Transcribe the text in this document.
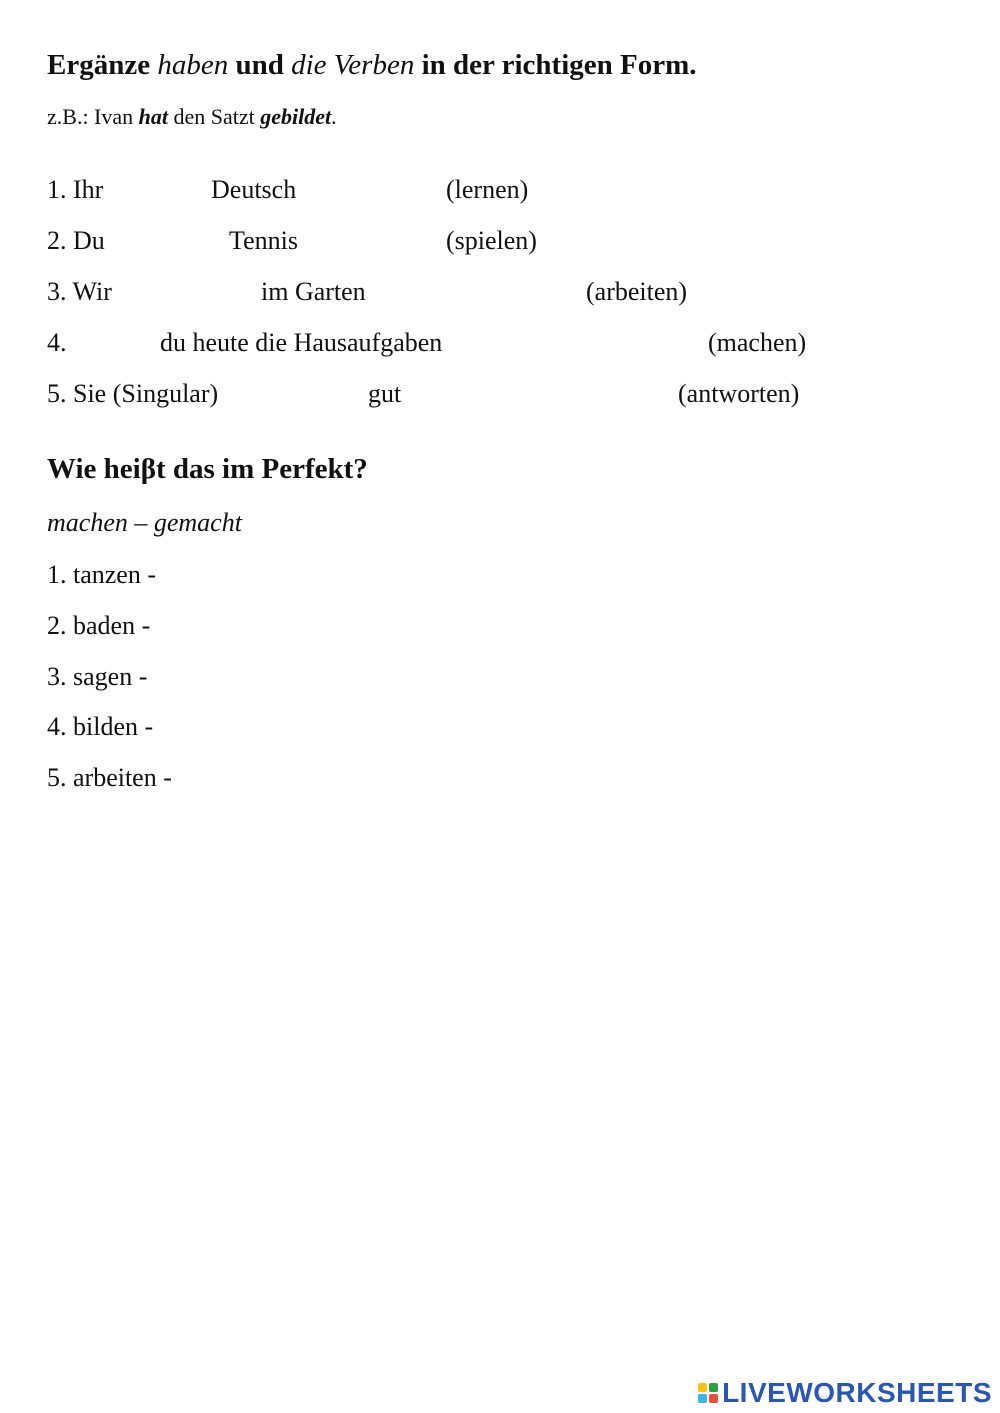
Ergänze haben und die Verben in der richtigen Form.
z.B.: Ivan hat den Satzt gebildet.
1. Ihr	Deutsch	(lernen)
2. Du	Tennis	(spielen)
3. Wir	im Garten	(arbeiten)
4.	du heute die Hausaufgaben	(machen)
5. Sie (Singular)	gut	(antworten)
Wie heiβt das im Perfekt?
machen – gemacht
1. tanzen -
2. baden -
3. sagen -
4. bilden -
5. arbeiten -
LIVEWORKSHEETS
